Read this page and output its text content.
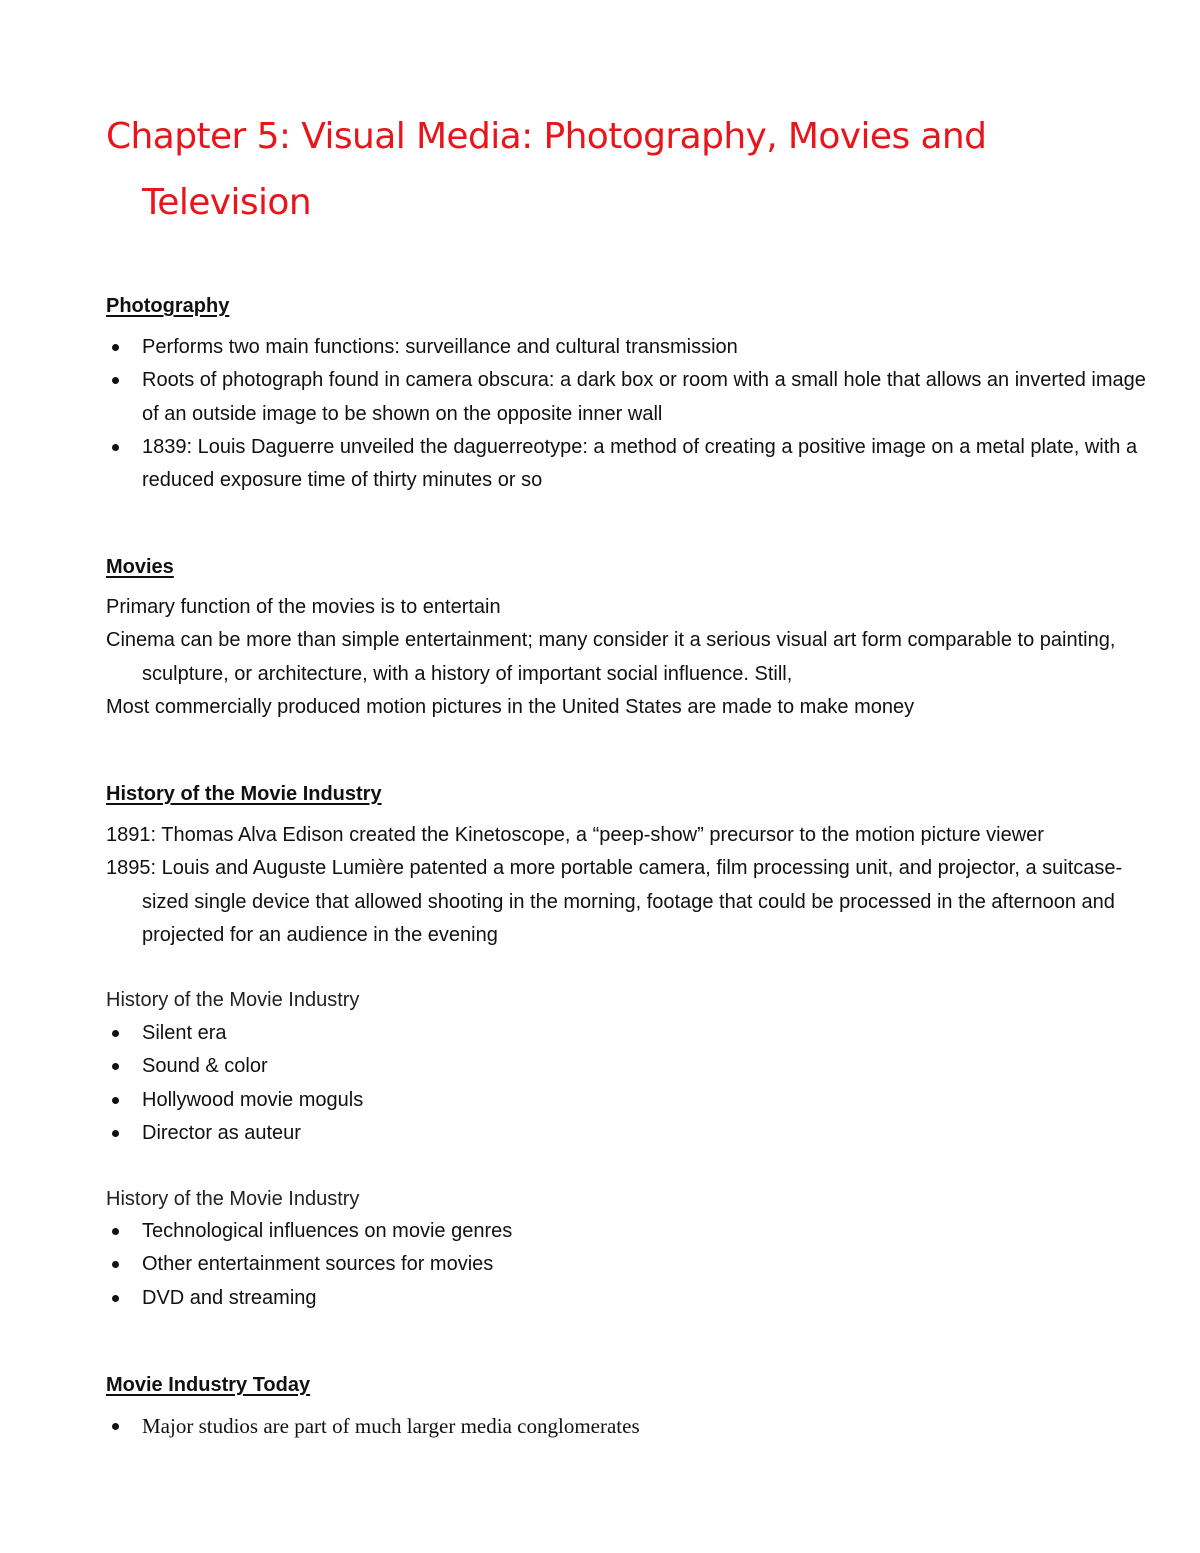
Chapter 5: Visual Media: Photography, Movies and Television
Photography
Performs two main functions: surveillance and cultural transmission
Roots of photograph found in camera obscura: a dark box or room with a small hole that allows an inverted image of an outside image to be shown on the opposite inner wall
1839: Louis Daguerre unveiled the daguerreotype: a method of creating a positive image on a metal plate, with a reduced exposure time of thirty minutes or so
Movies

Primary function of the movies is to entertain

Cinema can be more than simple entertainment; many consider it a serious visual art form comparable to painting, sculpture, or architecture, with a history of important social influence. Still,

Most commercially produced motion pictures in the United States are made to make money

History of the Movie Industry

1891: Thomas Alva Edison created the Kinetoscope, a “peep-show” precursor to the motion picture viewer

1895: Louis and Auguste Lumière patented a more portable camera, film processing unit, and projector, a suitcase-sized single device that allowed shooting in the morning, footage that could be processed in the afternoon and projected for an audience in the evening

History of the Movie Industry
Silent era
Sound & color
Hollywood movie moguls
Director as auteur
History of the Movie Industry
Technological influences on movie genres
Other entertainment sources for movies
DVD and streaming
Movie Industry Today
Major studios are part of much larger media conglomerates
